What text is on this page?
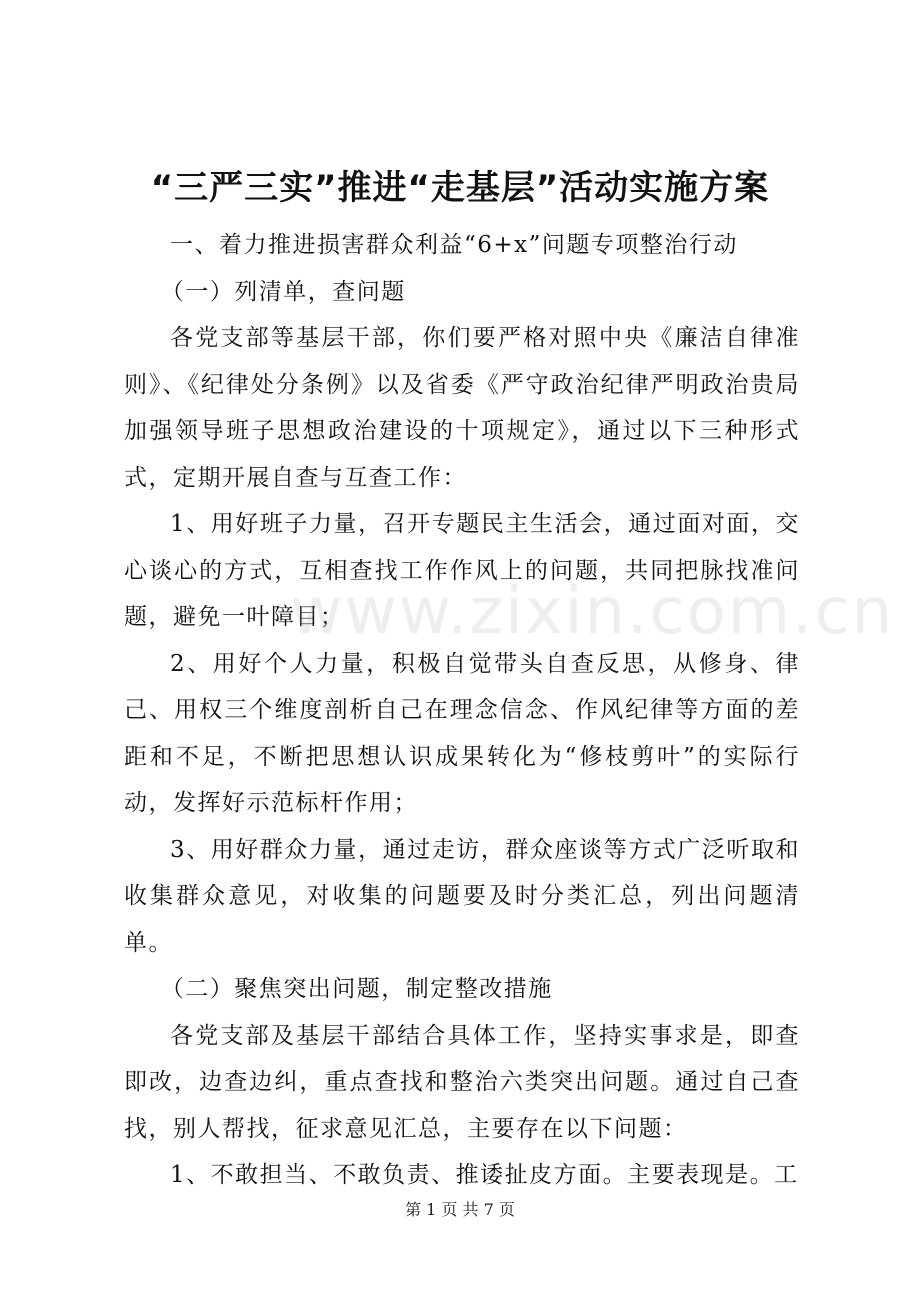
“三严三实”推进“走基层”活动实施方案

一、着力推进损害群众利益“6+x”问题专项整治行动

（一）列清单，查问题

各党支部等基层干部，你们要严格对照中央《廉洁自律准则》、《纪律处分条例》以及省委《严守政治纪律严明政治贵局加强领导班子思想政治建设的十项规定》，通过以下三种形式式，定期开展自查与互查工作：

1、用好班子力量，召开专题民主生活会，通过面对面，交心谈心的方式，互相查找工作作风上的问题，共同把脉找准问题，避免一叶障目；

2、用好个人力量，积极自觉带头自查反思，从修身、律己、用权三个维度剖析自己在理念信念、作风纪律等方面的差距和不足，不断把思想认识成果转化为“修枝剪叶”的实际行动，发挥好示范标杆作用；

3、用好群众力量，通过走访，群众座谈等方式广泛听取和收集群众意见，对收集的问题要及时分类汇总，列出问题清单。

（二）聚焦突出问题，制定整改措施

各党支部及基层干部结合具体工作，坚持实事求是，即查即改，边查边纠，重点查找和整治六类突出问题。通过自己查找，别人帮找，征求意见汇总，主要存在以下问题：

1、不敢担当、不敢负责、推诿扯皮方面。主要表现是。工

www.zixin.com.cn
第 1 页 共 7 页
